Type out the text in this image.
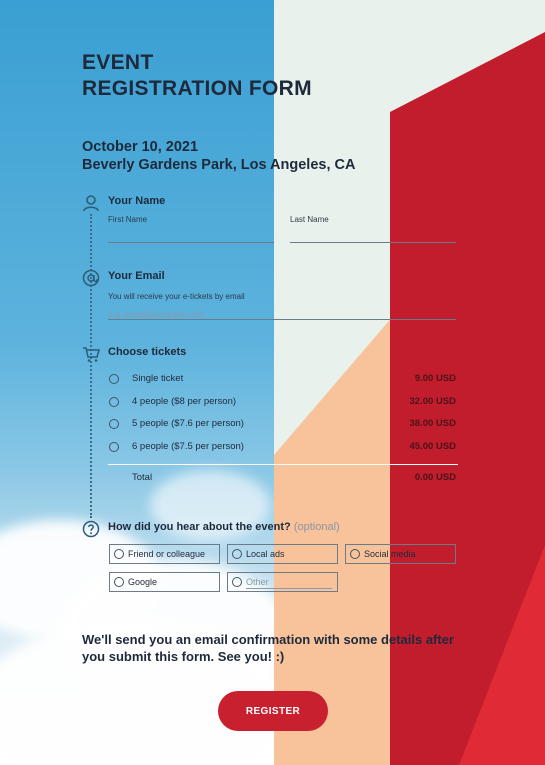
EVENT
REGISTRATION FORM
October 10, 2021
Beverly Gardens Park, Los Angeles, CA
Your Name
First Name	Last Name
Your Email
You will receive your e-tickets by email
e.g. email@example.com
Choose tickets
Single ticket	9.00 USD
4 people ($8 per person)	32.00 USD
5 people ($7.6 per person)	38.00 USD
6 people ($7.5 per person)	45.00 USD
Total	0.00 USD
How did you hear about the event? (optional)
Friend or colleague	Local ads	Social media
Google	Other
We'll send you an email confirmation with some details after you submit this form. See you! :)
REGISTER
